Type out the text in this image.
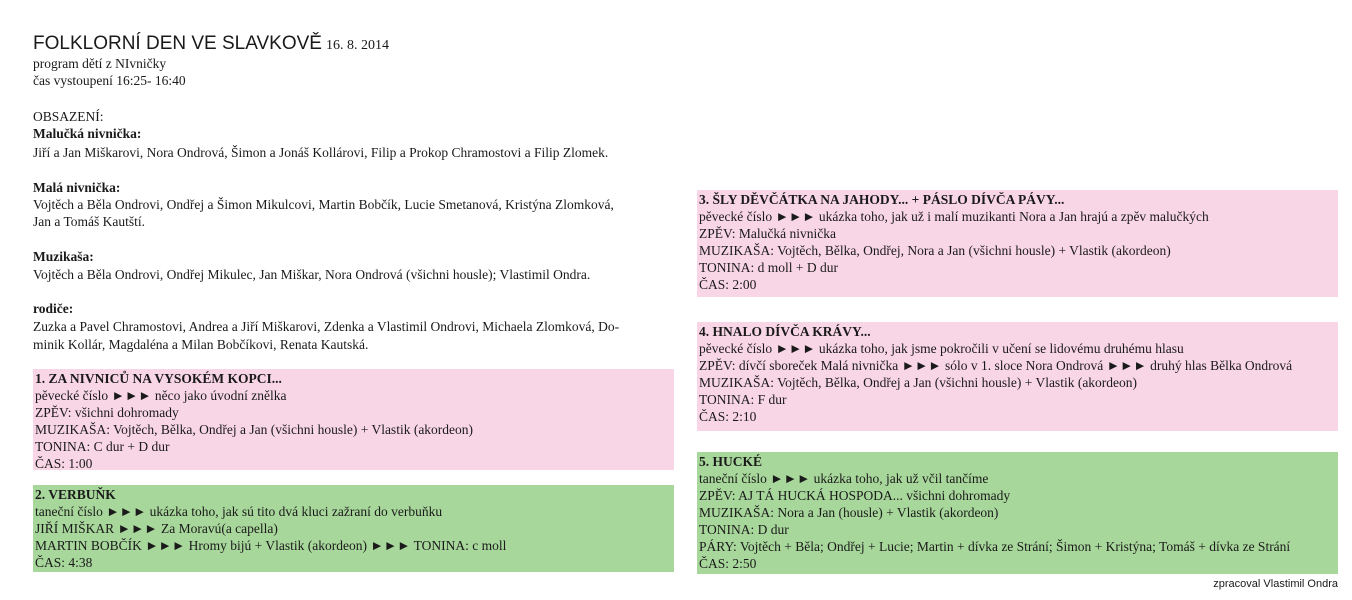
FOLKLORNÍ DEN VE SLAVKOVĚ 16. 8. 2014
program dětí z NIvničky
čas vystoupení 16:25- 16:40
OBSAZENÍ:
Malučká nivnička:
Jiří a Jan Miškarovi, Nora Ondrová, Šimon a Jonáš Kollárovi, Filip a Prokop Chramostovi a Filip Zlomek.
Malá nivnička:
Vojtěch a Běla Ondrovi, Ondřej a Šimon Mikulcovi, Martin Bobčík, Lucie Smetanová, Kristýna Zlomková,
Jan a Tomáš Kautští.
Muzikaša:
Vojtěch a Běla Ondrovi, Ondřej Mikulec, Jan Miškar, Nora Ondrová (všichni housle); Vlastimil Ondra.
rodiče:
Zuzka a Pavel Chramostovi, Andrea a Jiří Miškarovi, Zdenka a Vlastimil Ondrovi, Michaela Zlomková, Do-
minik Kollár, Magdaléna a Milan Bobčíkovi, Renata Kautská.
1. ZA NIVNICŮ NA VYSOKÉM KOPCI...
pěvecké číslo ►►► něco jako úvodní znělka
ZPĚV: všichni dohromady
MUZIKAŠA: Vojtěch, Bělka, Ondřej a Jan (všichni housle) + Vlastik (akordeon)
TONINA: C dur + D dur
ČAS: 1:00
2. VERBUŇK
taneční číslo ►►► ukázka toho, jak sú tito dvá kluci zažraní do verbuňku
JIŘÍ MIŠKAR ►►► Za Moravú(a capella)
MARTIN BOBČÍK ►►► Hromy bijú + Vlastik (akordeon) ►►► TONINA: c moll
ČAS: 4:38
3. ŠLY DĚVČÁTKA NA JAHODY... + PÁSLO DÍVČA PÁVY...
pěvecké číslo ►►► ukázka toho, jak už i malí muzikanti Nora a Jan hrajú a zpěv malučkých
ZPĚV: Malučká nivnička
MUZIKAŠA: Vojtěch, Bělka, Ondřej, Nora a Jan (všichni housle) + Vlastik (akordeon)
TONINA: d moll + D dur
ČAS: 2:00
4. HNALO DÍVČA KRÁVY...
pěvecké číslo ►►► ukázka toho, jak jsme pokročili v učení se lidovému druhému hlasu
ZPĚV: dívčí sboreček Malá nivnička ►►► sólo v 1. sloce Nora Ondrová ►►► druhý hlas Bělka Ondrová
MUZIKAŠA: Vojtěch, Bělka, Ondřej a Jan (všichni housle) + Vlastik (akordeon)
TONINA: F dur
ČAS: 2:10
5. HUCKÉ
taneční číslo ►►► ukázka toho, jak už včil tančíme
ZPĚV: AJ TÁ HUCKÁ HOSPODA... všichni dohromady
MUZIKAŠA: Nora a Jan (housle) + Vlastik (akordeon)
TONINA: D dur
PÁRY: Vojtěch + Běla; Ondřej + Lucie; Martin + dívka ze Strání; Šimon + Kristýna; Tomáš + dívka ze Strání
ČAS: 2:50
zpracoval Vlastimil Ondra
